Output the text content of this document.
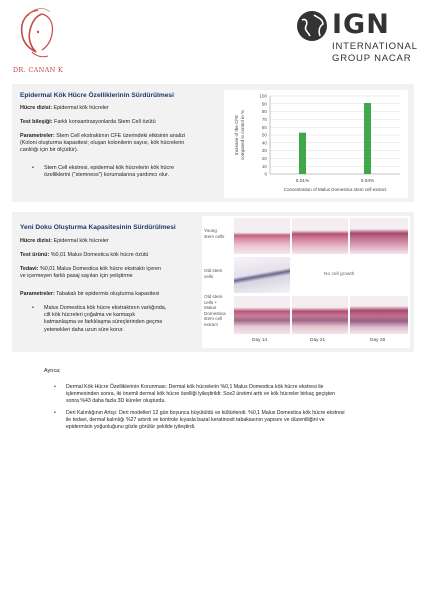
DR. CANAN K
IGN
INTERNATIONAL
GROUP NACAR
Epidermal Kök Hücre Özelliklerinin Sürdürülmesi
Hücre dizisi: Epidermal kök hücreler
Test bileşiği: Farklı konsantrasyonlarda Stem Cell özütü
Parametreler: Stem Cell ekstraktının CFE üzerindeki etkisinin analizi
(Koloni oluşturma kapasitesi; oluşan kolonilerin sayısı, kök hücrelerin
canlılığı için bir ölçüdür).
• Stem Cell ekstresi, epidermal kök hücrelerin kök hücre
özelliklerini ("stemness") korumalarına yardımcı olur.	0
10
20
30
40
50
60
70
80
90
100
0.01%	0.04%
Concentration of Malus Domestica stem cell extract
Increase of the CFE compared to control in %
Yeni Doku Oluşturma Kapasitesinin Sürdürülmesi
Hücre dizisi: Epidermal kök hücreler
Test ürünü: %0,01 Malus Domestica kök hücre özütü
Tedavi: %0,01 Malus Domestica kök hücre ekstraktı içeren
ve içermeyen farklı pasaj sayıları için yetiştirme
Parametreler: Tabakalı bir epidermis oluşturma kapasitesi
• Malus Domestica kök hücre ekstraktının varlığında,
cilt kök hücreleri çoğalma ve karmaşık
katmanlaşma ve farklılaşma süreçlerinden geçme
yetenekleri daha uzun süre korur.
Young
stem cells
Old stem
cells
Old stem
cells +
Malus
Domestica
stem cell
extract
No cell growth
Day 14	Day 21	Day 28
Ayrıca;
• Dermal Kök Hücre Özelliklerinin Korunması: Dermal kök hücrelerin %0,1 Malus Domestica kök hücre ekstresi ile
işlenmesinden sonra, iki önemli dermal kök hücre özelliği iyileştirildi: Sox2 üretimi arttı ve kök hücreler birkaç geçişten
sonra %43 daha fazla 3D küreler oluşturdu.
• Deri Kalınlığının Artışı: Deri modelleri 12 gün boyunca büyütüldü ve kültürlendi. %0,1 Malus Domestica kök hücre ekstresi
ile tedavi, dermal kalınlığı %27 artırdı ve kontrole kıyasla bazal keratinosit tabakasının yapısını ve düzenliliğini ve
epidermisin yoğunluğunu gözle görülür şekilde iyileştirdi.
